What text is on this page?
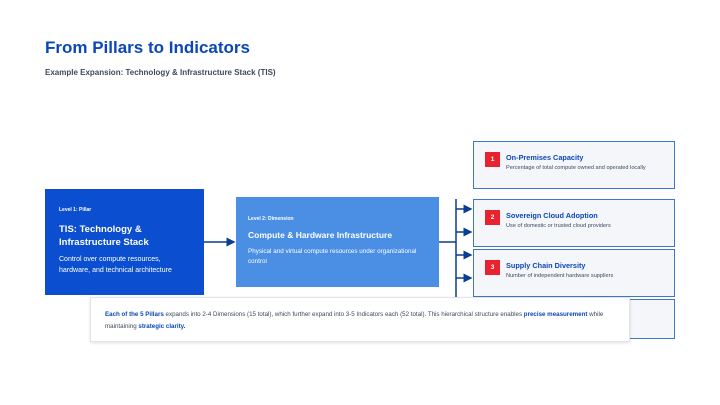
From Pillars to Indicators
Example Expansion: Technology & Infrastructure Stack (TIS)
Level 1: Pillar
TIS: Technology & Infrastructure Stack
Control over compute resources, hardware, and technical architecture
Level 2: Dimension
Compute & Hardware Infrastructure
Physical and virtual compute resources under organizational control
1	On-Premises Capacity
Percentage of total compute owned and operated locally
2	Sovereign Cloud Adoption
Use of domestic or trusted cloud providers
3	Supply Chain Diversity
Number of independent hardware suppliers
Each of the 5 Pillars expands into 2-4 Dimensions (15 total), which further expand into 3-5 Indicators each (52 total). This hierarchical structure enables precise measurement while maintaining strategic clarity.
